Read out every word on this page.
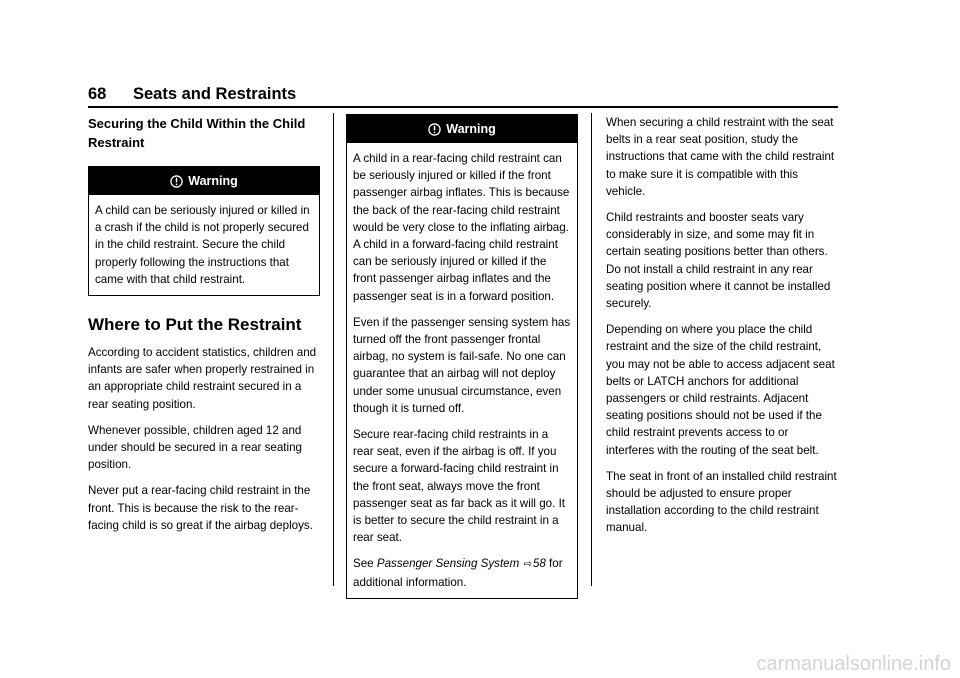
68 Seats and Restraints
Securing the Child Within the Child Restraint
Warning

A child can be seriously injured or killed in a crash if the child is not properly secured in the child restraint. Secure the child properly following the instructions that came with that child restraint.

Where to Put the Restraint

According to accident statistics, children and infants are safer when properly restrained in an appropriate child restraint secured in a rear seating position.

Whenever possible, children aged 12 and under should be secured in a rear seating position.

Never put a rear-facing child restraint in the front. This is because the risk to the rear-facing child is so great if the airbag deploys.

Warning

A child in a rear-facing child restraint can be seriously injured or killed if the front passenger airbag inflates. This is because the back of the rear-facing child restraint would be very close to the inflating airbag. A child in a forward-facing child restraint can be seriously injured or killed if the front passenger airbag inflates and the passenger seat is in a forward position.

Even if the passenger sensing system has turned off the front passenger frontal airbag, no system is fail-safe. No one can guarantee that an airbag will not deploy under some unusual circumstance, even though it is turned off.

Secure rear-facing child restraints in a rear seat, even if the airbag is off. If you secure a forward-facing child restraint in the front seat, always move the front passenger seat as far back as it will go. It is better to secure the child restraint in a rear seat.

See Passenger Sensing System ⇨58 for additional information.

When securing a child restraint with the seat belts in a rear seat position, study the instructions that came with the child restraint to make sure it is compatible with this vehicle.

Child restraints and booster seats vary considerably in size, and some may fit in certain seating positions better than others. Do not install a child restraint in any rear seating position where it cannot be installed securely.

Depending on where you place the child restraint and the size of the child restraint, you may not be able to access adjacent seat belts or LATCH anchors for additional passengers or child restraints. Adjacent seating positions should not be used if the child restraint prevents access to or interferes with the routing of the seat belt.

The seat in front of an installed child restraint should be adjusted to ensure proper installation according to the child restraint manual.

carmanualsonline.info
